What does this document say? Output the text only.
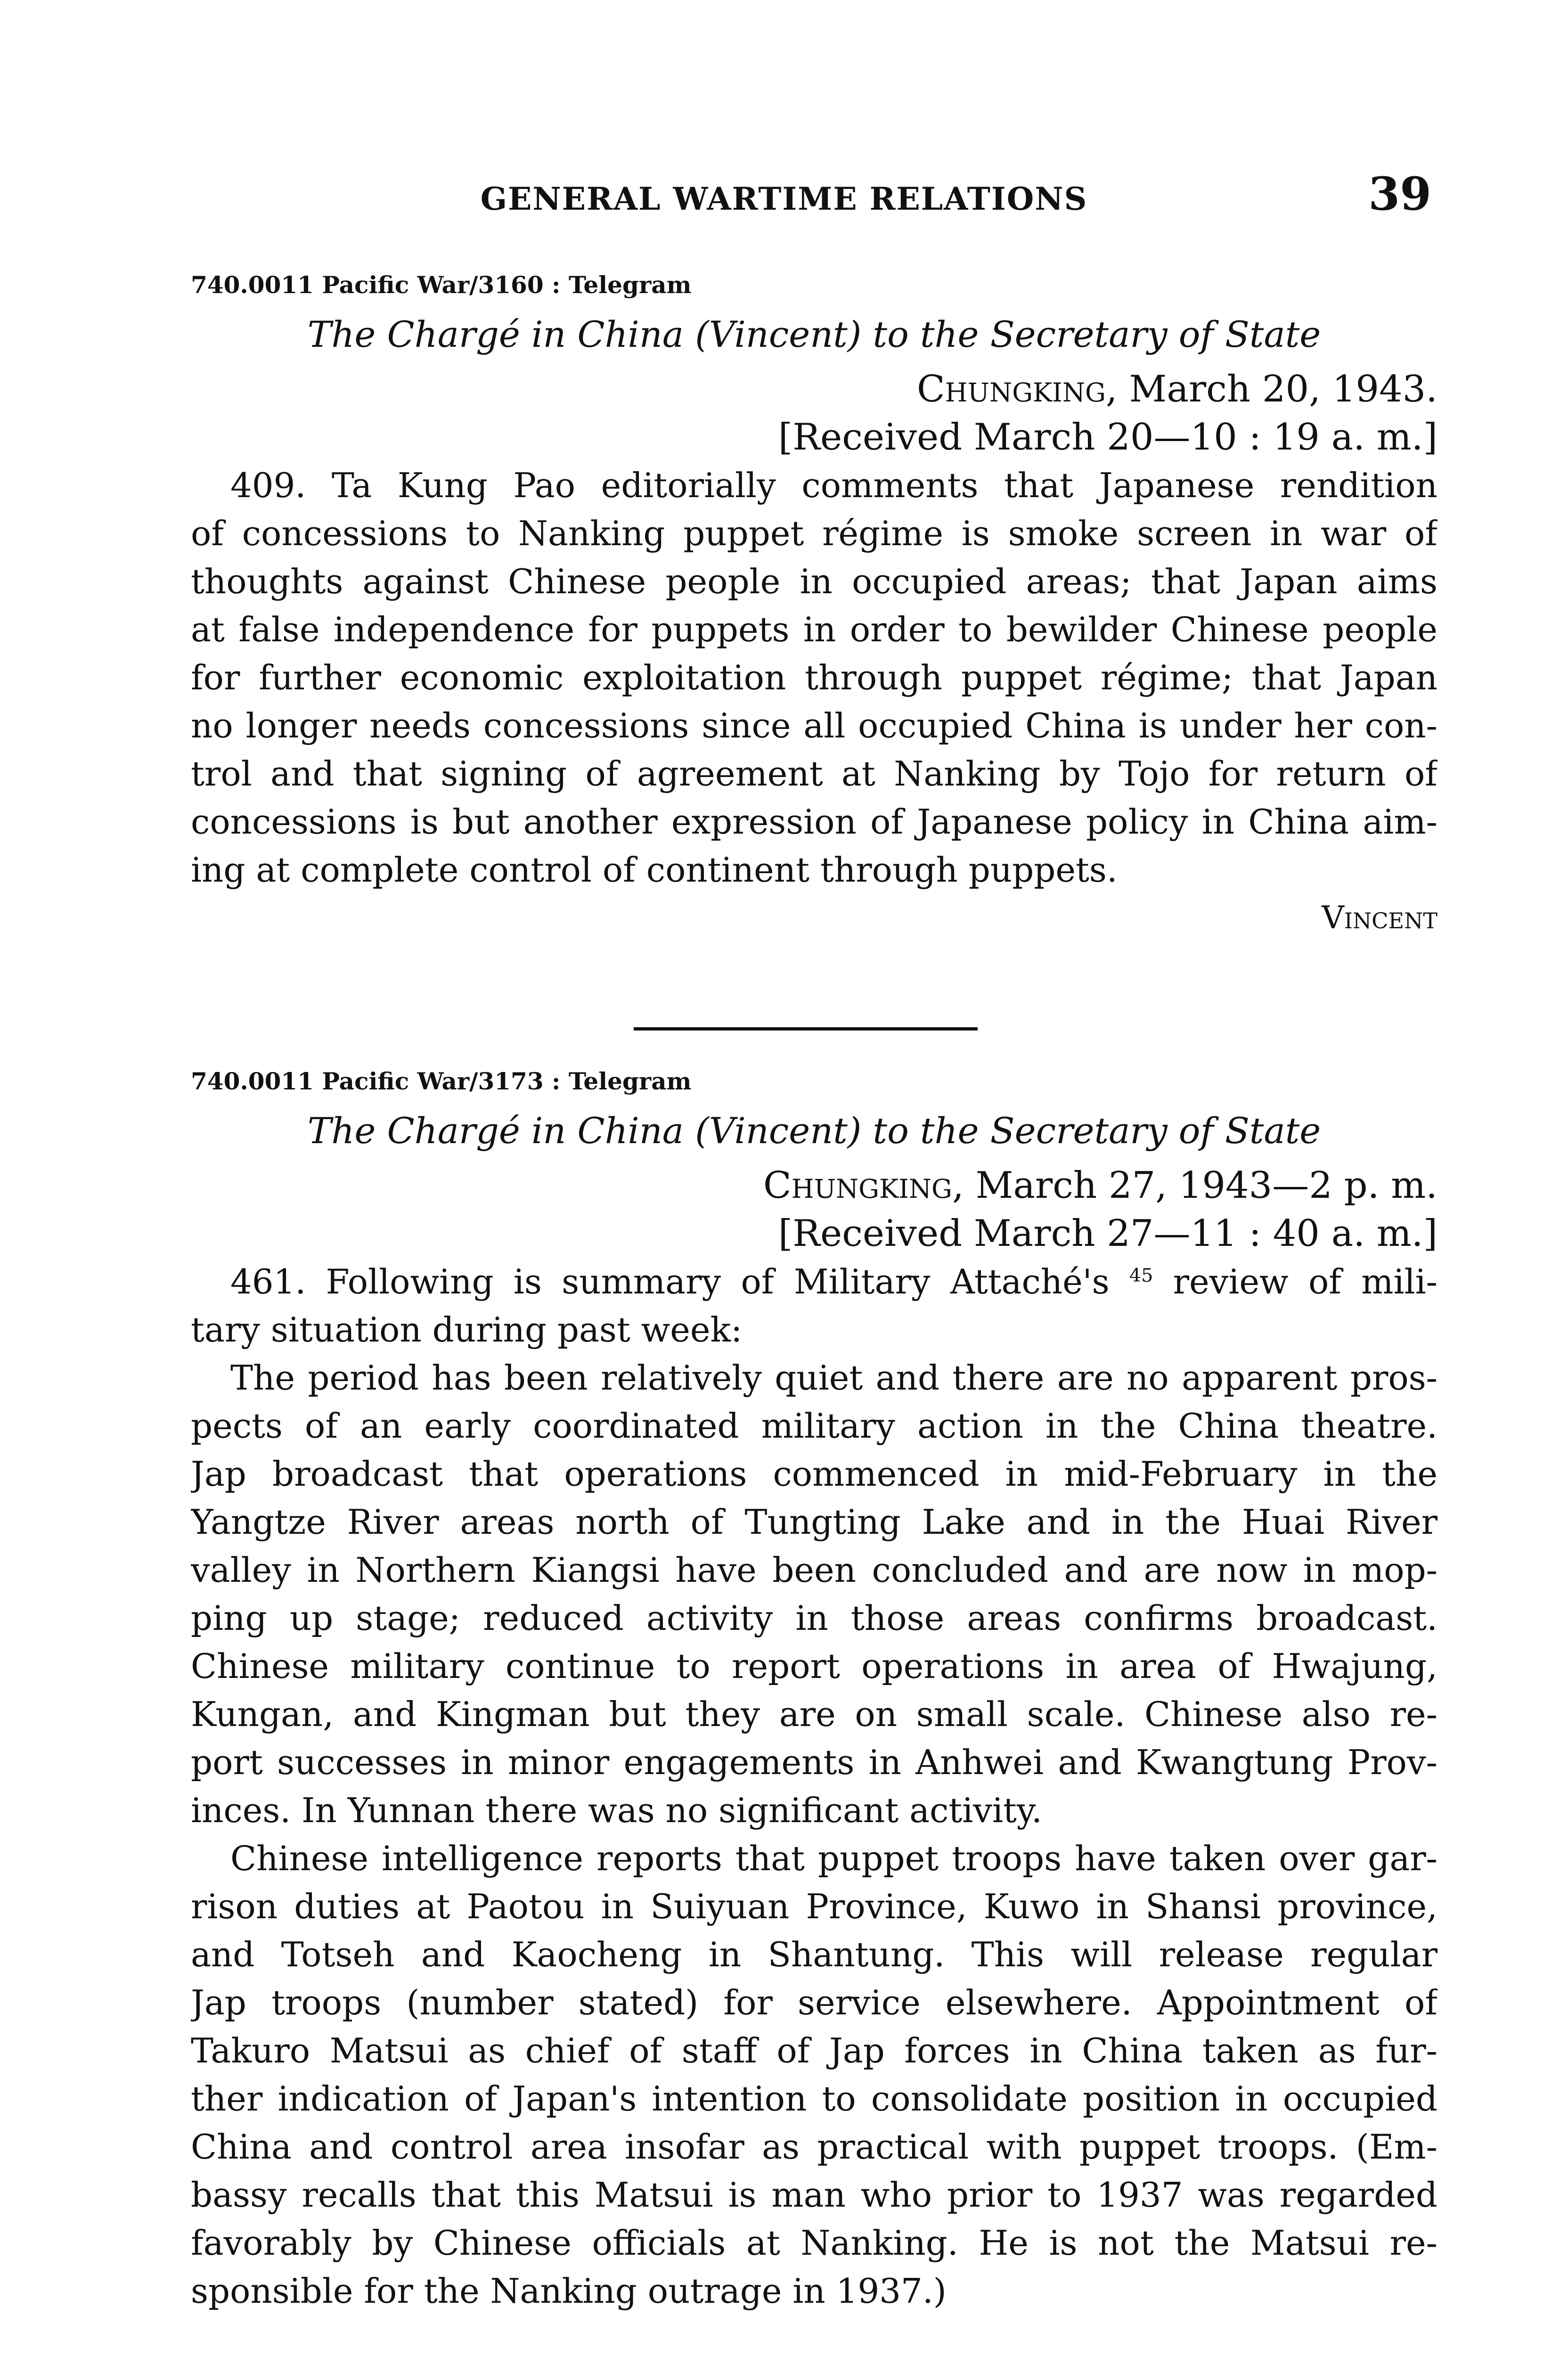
GENERAL WARTIME RELATIONS	39
740.0011 Pacific War/3160 : Telegram
The Chargé in China (Vincent) to the Secretary of State
Chungking, March 20, 1943.
[Received March 20—10 : 19 a. m.]
409. Ta Kung Pao editorially comments that Japanese rendition
of concessions to Nanking puppet régime is smoke screen in war of
thoughts against Chinese people in occupied areas; that Japan aims
at false independence for puppets in order to bewilder Chinese people
for further economic exploitation through puppet régime; that Japan
no longer needs concessions since all occupied China is under her con-
trol and that signing of agreement at Nanking by Tojo for return of
concessions is but another expression of Japanese policy in China aim-
ing at complete control of continent through puppets.
Vincent
740.0011 Pacific War/3173 : Telegram
The Chargé in China (Vincent) to the Secretary of State
Chungking, March 27, 1943—2 p. m.
[Received March 27—11 : 40 a. m.]
461. Following is summary of Military Attaché's $^{45}$ review of mili-
tary situation during past week:
The period has been relatively quiet and there are no apparent pros-
pects of an early coordinated military action in the China theatre.
Jap broadcast that operations commenced in mid-February in the
Yangtze River areas north of Tungting Lake and in the Huai River
valley in Northern Kiangsi have been concluded and are now in mop-
ping up stage; reduced activity in those areas confirms broadcast.
Chinese military continue to report operations in area of Hwajung,
Kungan, and Kingman but they are on small scale. Chinese also re-
port successes in minor engagements in Anhwei and Kwangtung Prov-
inces. In Yunnan there was no significant activity.
Chinese intelligence reports that puppet troops have taken over gar-
rison duties at Paotou in Suiyuan Province, Kuwo in Shansi province,
and Totseh and Kaocheng in Shantung. This will release regular
Jap troops (number stated) for service elsewhere. Appointment of
Takuro Matsui as chief of staff of Jap forces in China taken as fur-
ther indication of Japan's intention to consolidate position in occupied
China and control area insofar as practical with puppet troops. (Em-
bassy recalls that this Matsui is man who prior to 1937 was regarded
favorably by Chinese officials at Nanking. He is not the Matsui re-
sponsible for the Nanking outrage in 1937.)
